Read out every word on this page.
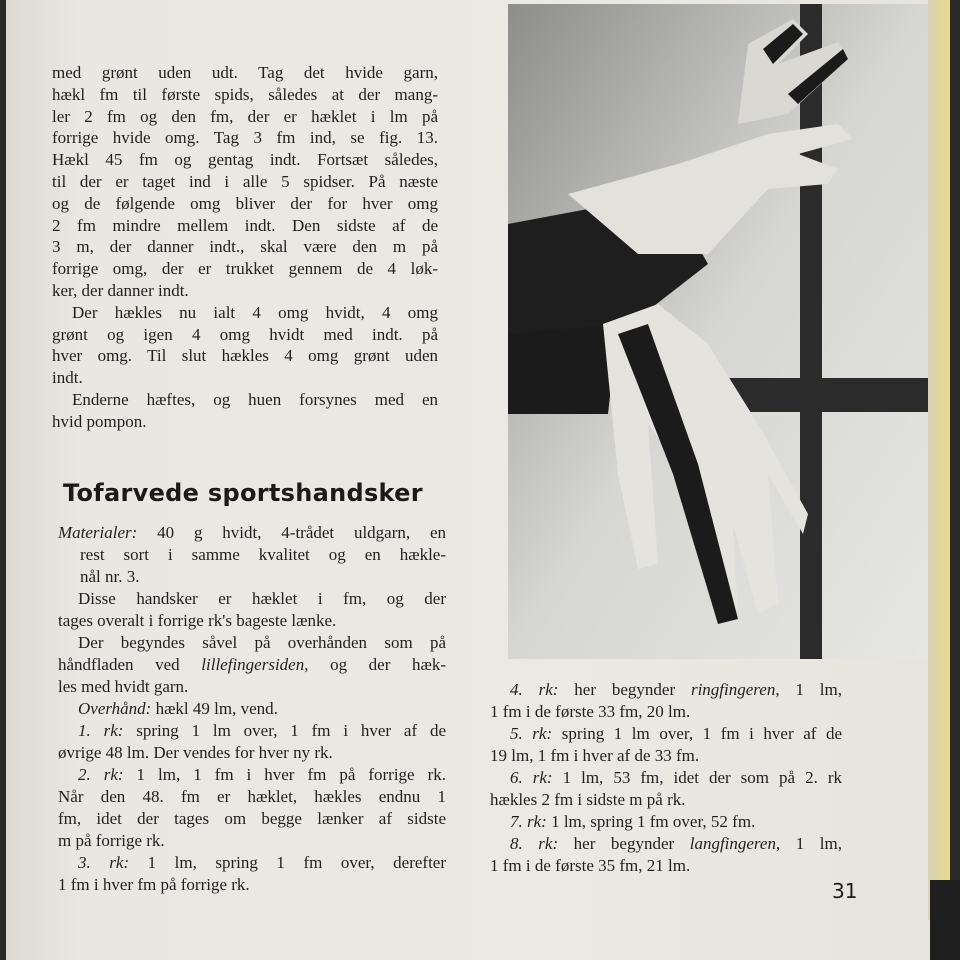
med grønt uden udt. Tag det hvide garn,
hækl fm til første spids, således at der mang-
ler 2 fm og den fm, der er hæklet i lm på
forrige hvide omg. Tag 3 fm ind, se fig. 13.
Hækl 45 fm og gentag indt. Fortsæt således,
til der er taget ind i alle 5 spidser. På næste
og de følgende omg bliver der for hver omg
2 fm mindre mellem indt. Den sidste af de
3 m, der danner indt., skal være den m på
forrige omg, der er trukket gennem de 4 løk-
ker, der danner indt.
Der hækles nu ialt 4 omg hvidt, 4 omg
grønt og igen 4 omg hvidt med indt. på
hver omg. Til slut hækles 4 omg grønt uden
indt.
Enderne hæftes, og huen forsynes med en
hvid pompon.
Tofarvede sportshandsker
Materialer: 40 g hvidt, 4-trådet uldgarn, en
rest sort i samme kvalitet og en hækle-
nål nr. 3.
Disse handsker er hæklet i fm, og der
tages overalt i forrige rk's bageste lænke.
Der begyndes såvel på overhånden som på
håndfladen ved lillefingersiden, og der hæk-
les med hvidt garn.
Overhånd: hækl 49 lm, vend.
1. rk: spring 1 lm over, 1 fm i hver af de
øvrige 48 lm. Der vendes for hver ny rk.
2. rk: 1 lm, 1 fm i hver fm på forrige rk.
Når den 48. fm er hæklet, hækles endnu 1
fm, idet der tages om begge lænker af sidste
m på forrige rk.
3. rk: 1 lm, spring 1 fm over, derefter
1 fm i hver fm på forrige rk.
4. rk: her begynder ringfingeren, 1 lm,
1 fm i de første 33 fm, 20 lm.
5. rk: spring 1 lm over, 1 fm i hver af de
19 lm, 1 fm i hver af de 33 fm.
6. rk: 1 lm, 53 fm, idet der som på 2. rk
hækles 2 fm i sidste m på rk.
7. rk: 1 lm, spring 1 fm over, 52 fm.
8. rk: her begynder langfingeren, 1 lm,
1 fm i de første 35 fm, 21 lm.
31
